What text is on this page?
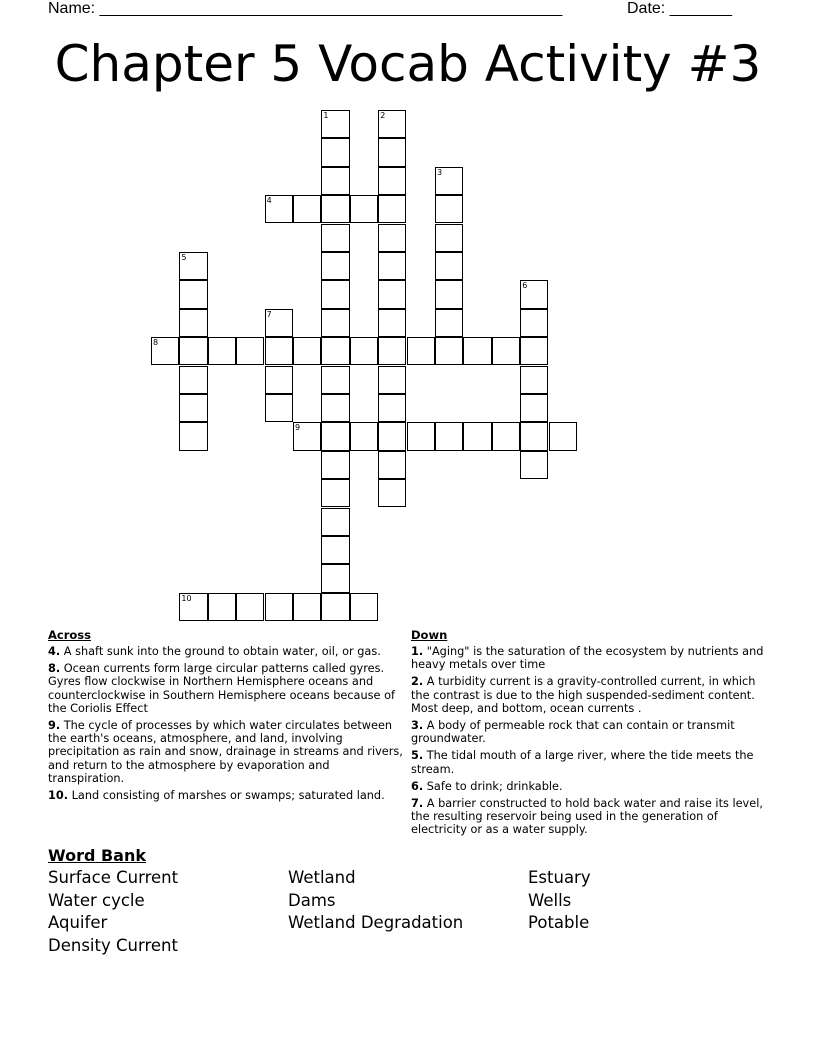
Name: ____________________________________________________	Date: _______
Chapter 5 Vocab Activity #3
1	2
3
4
5
6
7
8
9
10
Across
4. A shaft sunk into the ground to obtain water, oil, or gas.
8. Ocean currents form large circular patterns called gyres. Gyres flow clockwise in Northern Hemisphere oceans and counterclockwise in Southern Hemisphere oceans because of the Coriolis Effect
9. The cycle of processes by which water circulates between the earth's oceans, atmosphere, and land, involving precipitation as rain and snow, drainage in streams and rivers, and return to the atmosphere by evaporation and transpiration.
10. Land consisting of marshes or swamps; saturated land.
Down
1. "Aging" is the saturation of the ecosystem by nutrients and heavy metals over time
2. A turbidity current is a gravity-controlled current, in which the contrast is due to the high suspended-sediment content. Most deep, and bottom, ocean currents .
3. A body of permeable rock that can contain or transmit groundwater.
5. The tidal mouth of a large river, where the tide meets the stream.
6. Safe to drink; drinkable.
7. A barrier constructed to hold back water and raise its level, the resulting reservoir being used in the generation of electricity or as a water supply.
Word Bank
Surface Current	Wetland	Estuary
Water cycle	Dams	Wells
Aquifer	Wetland Degradation	Potable
Density Current
